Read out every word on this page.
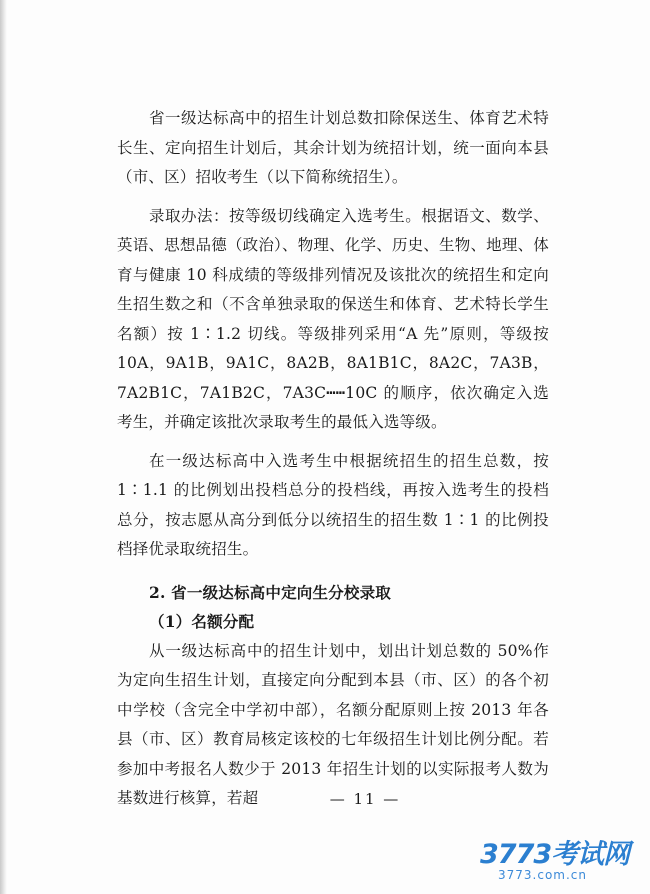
省一级达标高中的招生计划总数扣除保送生、体育艺术特长生、定向招生计划后，其余计划为统招计划，统一面向本县（市、区）招收考生（以下简称统招生）。

录取办法：按等级切线确定入选考生。根据语文、数学、英语、思想品德（政治）、物理、化学、历史、生物、地理、体育与健康 10 科成绩的等级排列情况及该批次的统招生和定向生招生数之和（不含单独录取的保送生和体育、艺术特长学生名额）按 1∶1.2 切线。等级排列采用“A 先”原则，等级按 10A，9A1B，9A1C，8A2B，8A1B1C，8A2C，7A3B，7A2B1C，7A1B2C，7A3C┅┅10C 的顺序，依次确定入选考生，并确定该批次录取考生的最低入选等级。

在一级达标高中入选考生中根据统招生的招生总数，按 1∶1.1 的比例划出投档总分的投档线，再按入选考生的投档总分，按志愿从高分到低分以统招生的招生数 1∶1 的比例投档择优录取统招生。

2. 省一级达标高中定向生分校录取

（1）名额分配

从一级达标高中的招生计划中，划出计划总数的 50%作为定向生招生计划，直接定向分配到本县（市、区）的各个初中学校（含完全中学初中部），名额分配原则上按 2013 年各县（市、区）教育局核定该校的七年级招生计划比例分配。若参加中考报名人数少于 2013 年招生计划的以实际报考人数为基数进行核算，若超	— 11 —
3773考试网
3773.com.cn
